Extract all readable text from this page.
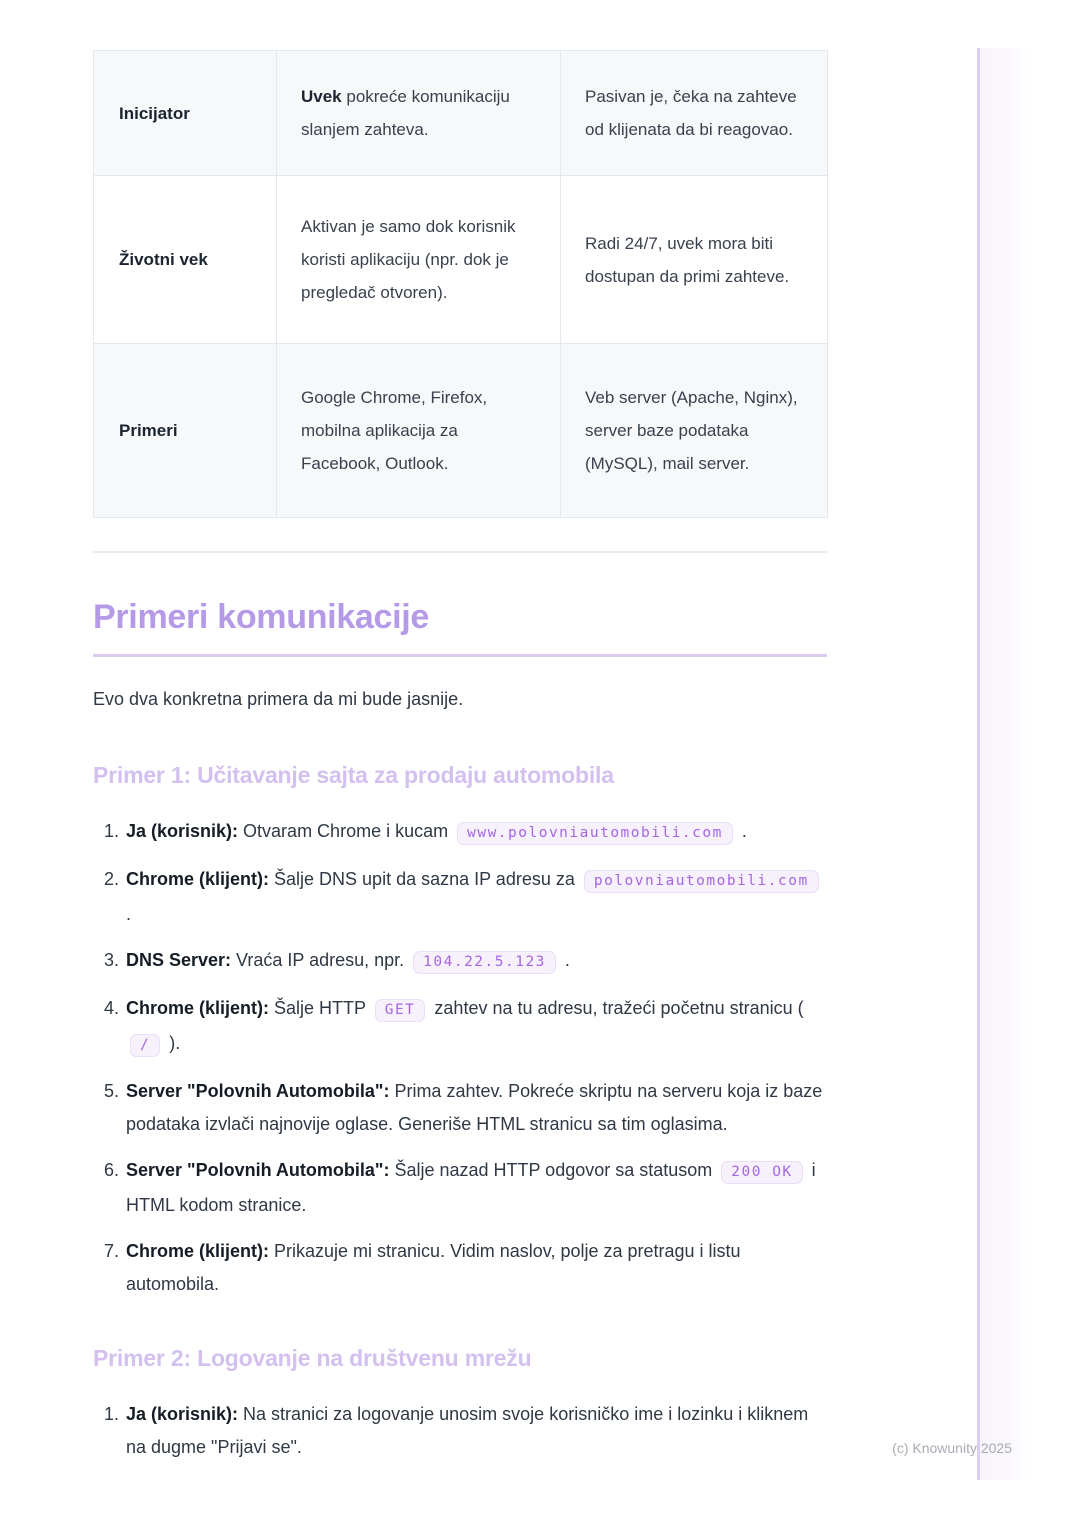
Inicijator	Uvek pokreće komunikaciju slanjem zahteva.	Pasivan je, čeka na zahteve od klijenata da bi reagovao.
Životni vek	Aktivan je samo dok korisnik koristi aplikaciju (npr. dok je pregledač otvoren).	Radi 24/7, uvek mora biti dostupan da primi zahteve.
Primeri	Google Chrome, Firefox, mobilna aplikacija za Facebook, Outlook.	Veb server (Apache, Nginx), server baze podataka (MySQL), mail server.
Primeri komunikacije

Evo dva konkretna primera da mi bude jasnije.

Primer 1: Učitavanje sajta za prodaju automobila
1. Ja (korisnik): Otvaram Chrome i kucam www.polovniautomobili.com .
2. Chrome (klijent): Šalje DNS upit da sazna IP adresu za polovniautomobili.com .
3. DNS Server: Vraća IP adresu, npr. 104.22.5.123 .
4. Chrome (klijent): Šalje HTTP GET zahtev na tu adresu, tražeći početnu stranicu ( / ).
5. Server "Polovnih Automobila": Prima zahtev. Pokreće skriptu na serveru koja iz baze podataka izvlači najnovije oglase. Generiše HTML stranicu sa tim oglasima.
6. Server "Polovnih Automobila": Šalje nazad HTTP odgovor sa statusom 200 OK i HTML kodom stranice.
7. Chrome (klijent): Prikazuje mi stranicu. Vidim naslov, polje za pretragu i listu automobila.
Primer 2: Logovanje na društvenu mrežu
1. Ja (korisnik): Na stranici za logovanje unosim svoje korisničko ime i lozinku i kliknem na dugme "Prijavi se".	(c) Knowunity 2025
